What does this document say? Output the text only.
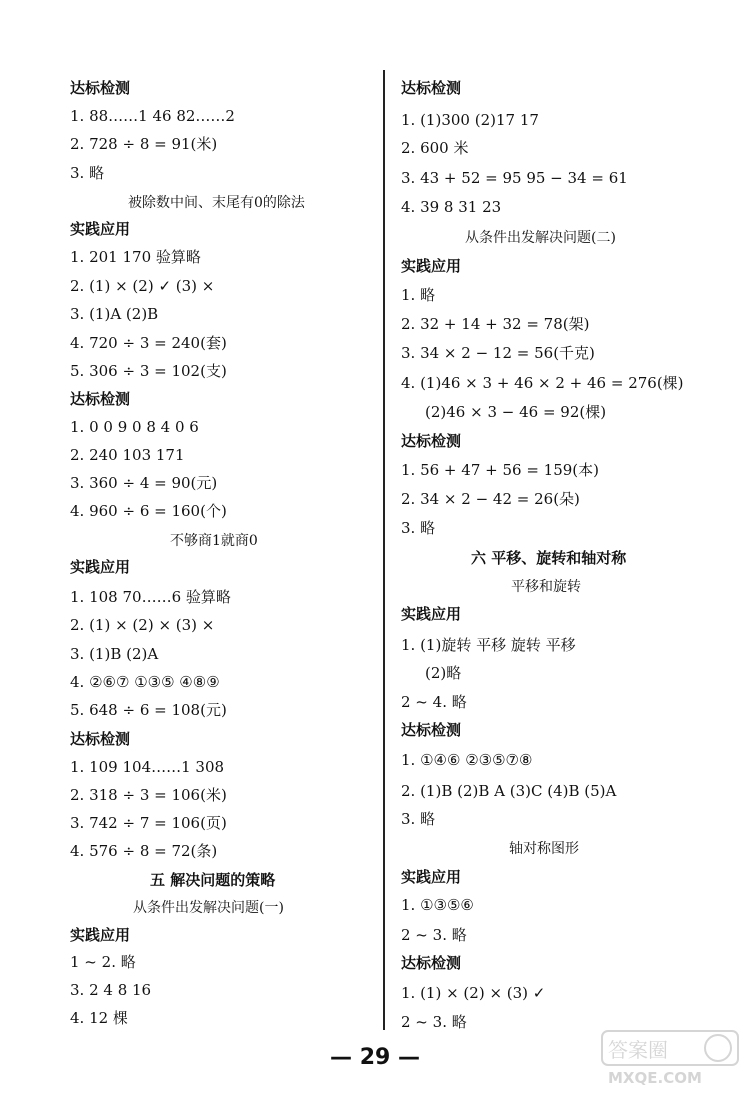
达标检测
1. 88……1 46 82……2
2. 728 ÷ 8 = 91(米)
3. 略
被除数中间、末尾有0的除法
实践应用
1. 201 170 验算略
2. (1) × (2) ✓ (3) ×
3. (1)A (2)B
4. 720 ÷ 3 = 240(套)
5. 306 ÷ 3 = 102(支)
达标检测
1. 0 0 9 0 8 4 0 6
2. 240 103 171
3. 360 ÷ 4 = 90(元)
4. 960 ÷ 6 = 160(个)
不够商1就商0
实践应用
1. 108 70……6 验算略
2. (1) × (2) × (3) ×
3. (1)B (2)A
4. ②⑥⑦ ①③⑤ ④⑧⑨
5. 648 ÷ 6 = 108(元)
达标检测
1. 109 104……1 308
2. 318 ÷ 3 = 106(米)
3. 742 ÷ 7 = 106(页)
4. 576 ÷ 8 = 72(条)
五 解决问题的策略
从条件出发解决问题(一)
实践应用
1 ~ 2. 略
3. 2 4 8 16
4. 12 棵
达标检测
1. (1)300 (2)17 17
2. 600 米
3. 43 + 52 = 95 95 − 34 = 61
4. 39 8 31 23
从条件出发解决问题(二)
实践应用
1. 略
2. 32 + 14 + 32 = 78(架)
3. 34 × 2 − 12 = 56(千克)
4. (1)46 × 3 + 46 × 2 + 46 = 276(棵)
(2)46 × 3 − 46 = 92(棵)
达标检测
1. 56 + 47 + 56 = 159(本)
2. 34 × 2 − 42 = 26(朵)
3. 略
六 平移、旋转和轴对称
平移和旋转
实践应用
1. (1)旋转 平移 旋转 平移
(2)略
2 ~ 4. 略
达标检测
1. ①④⑥ ②③⑤⑦⑧
2. (1)B (2)B A (3)C (4)B (5)A
3. 略
轴对称图形
实践应用
1. ①③⑤⑥
2 ~ 3. 略
达标检测
1. (1) × (2) × (3) ✓
2 ~ 3. 略
— 29 —	答案圈
MXQE.COM
